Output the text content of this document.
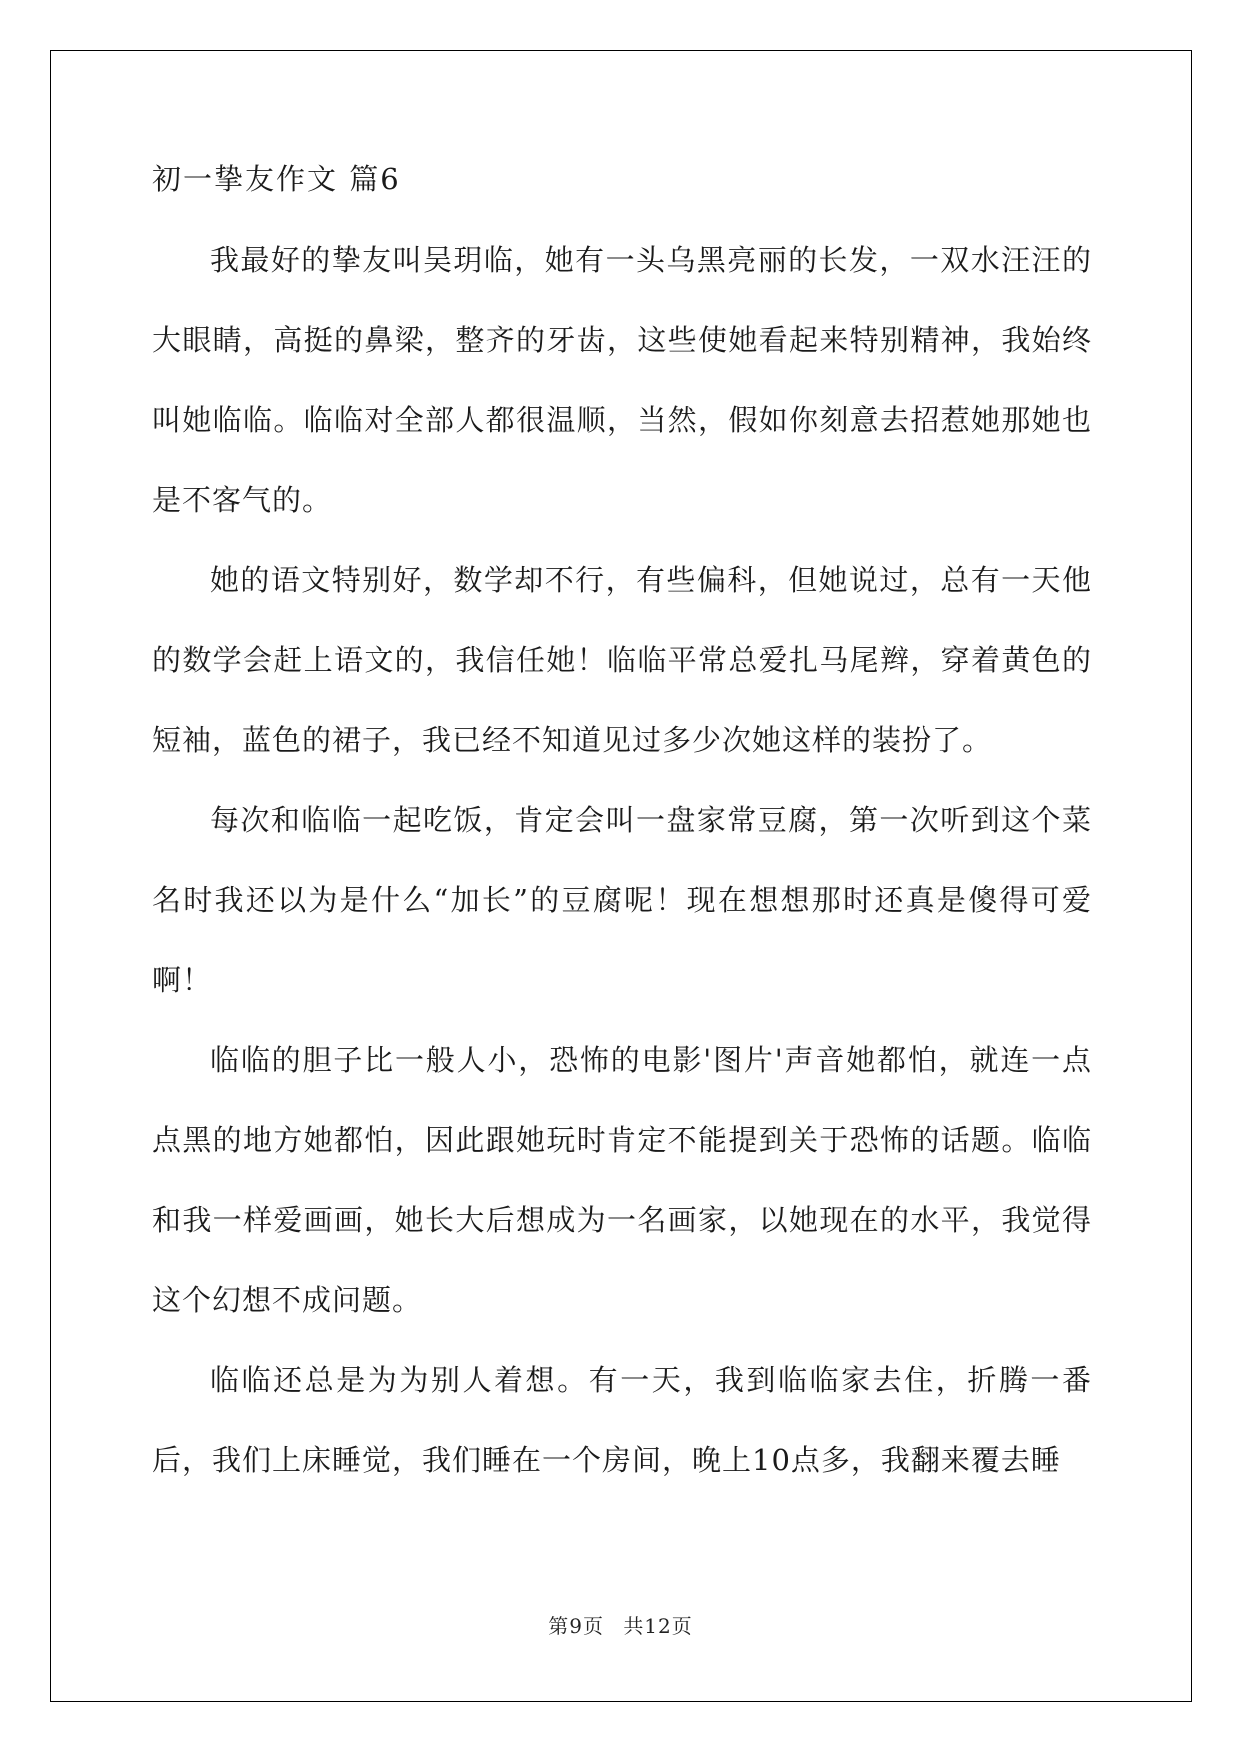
初一挚友作文 篇6

我最好的挚友叫吴玥临，她有一头乌黑亮丽的长发，一双水汪汪的大眼睛，高挺的鼻梁，整齐的牙齿，这些使她看起来特别精神，我始终叫她临临。临临对全部人都很温顺，当然，假如你刻意去招惹她那她也是不客气的。

她的语文特别好，数学却不行，有些偏科，但她说过，总有一天他的数学会赶上语文的，我信任她！临临平常总爱扎马尾辫，穿着黄色的短袖，蓝色的裙子，我已经不知道见过多少次她这样的装扮了。

每次和临临一起吃饭，肯定会叫一盘家常豆腐，第一次听到这个菜名时我还以为是什么“加长”的豆腐呢！现在想想那时还真是傻得可爱啊！

临临的胆子比一般人小，恐怖的电影'图片'声音她都怕，就连一点点黑的地方她都怕，因此跟她玩时肯定不能提到关于恐怖的话题。临临和我一样爱画画，她长大后想成为一名画家，以她现在的水平，我觉得这个幻想不成问题。

临临还总是为为别人着想。有一天，我到临临家去住，折腾一番后，我们上床睡觉，我们睡在一个房间，晚上10点多，我翻来覆去睡

第9页 共12页
